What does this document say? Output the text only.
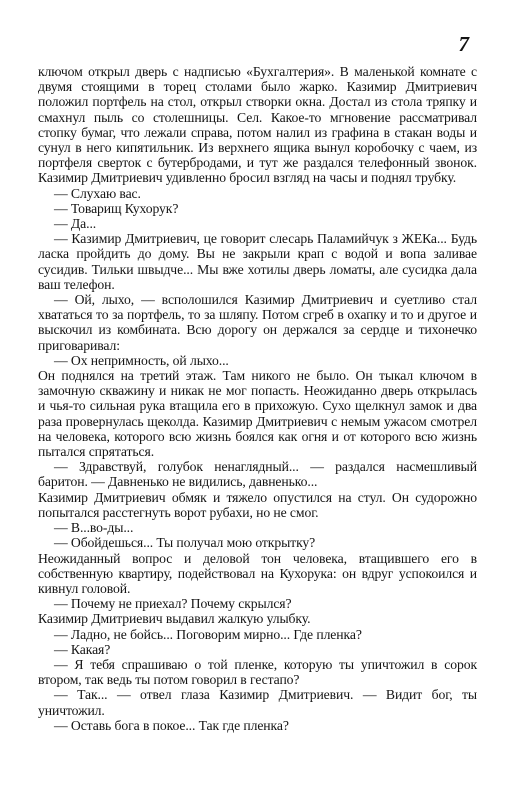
7

ключом открыл дверь с надписью «Бухгалтерия». В маленькой комнате с двумя стоящими в торец столами было жарко. Казимир Дмитриевич положил портфель на стол, открыл створки окна. Достал из стола тряпку и смахнул пыль со столешницы. Сел. Какое-то мгновение рассматривал стопку бумаг, что лежали справа, потом налил из графина в стакан воды и сунул в него кипятильник. Из верхнего ящика вынул коробочку с чаем, из портфеля сверток с бутербродами, и тут же раздался телефонный звонок. Казимир Дмитриевич удивленно бросил взгляд на часы и поднял трубку.

— Слухаю вас.

— Товарищ Кухорук?

— Да...

— Казимир Дмитриевич, це говорит слесарь Паламийчук з ЖЕКа... Будь ласка пройдить до дому. Вы не закрыли крап с водой и вопа заливае сусидив. Тильки швыдче... Мы вже хотилы дверь ломаты, але сусидка дала ваш телефон.

— Ой, лыхо, — всполошился Казимир Дмитриевич и суетливо стал хвататься то за портфель, то за шляпу. Потом сгреб в охапку и то и другое и выскочил из комбината. Всю дорогу он держался за сердце и тихонечко приговаривал:

— Ох непримность, ой лыхо...

Он поднялся на третий этаж. Там никого не было. Он тыкал ключом в замочную скважину и никак не мог попасть. Неожиданно дверь открылась и чья-то сильная рука втащила его в прихожую. Сухо щелкнул замок и два раза провернулась щеколда. Казимир Дмитриевич с немым ужасом смотрел на человека, которого всю жизнь боялся как огня и от которого всю жизнь пытался спрятаться.

— Здравствуй, голубок ненаглядный... — раздался насмешливый баритон. — Давненько не видились, давненько...

Казимир Дмитриевич обмяк и тяжело опустился на стул. Он судорожно попытался расстегнуть ворот рубахи, но не смог.

— В...во-ды...

— Обойдешься... Ты получал мою открытку?

Неожиданный вопрос и деловой тон человека, втащившего его в собственную квартиру, подействовал на Кухорука: он вдруг успокоился и кивнул головой.

— Почему не приехал? Почему скрылся?

Казимир Дмитриевич выдавил жалкую улыбку.

— Ладно, не бойсь... Поговорим мирно... Где пленка?

— Какая?

— Я тебя спрашиваю о той пленке, которую ты упичтожил в сорок втором, так ведь ты потом говорил в гестапо?

— Так... — отвел глаза Казимир Дмитриевич. — Видит бог, ты уничтожил.

— Оставь бога в покое... Так где пленка?
